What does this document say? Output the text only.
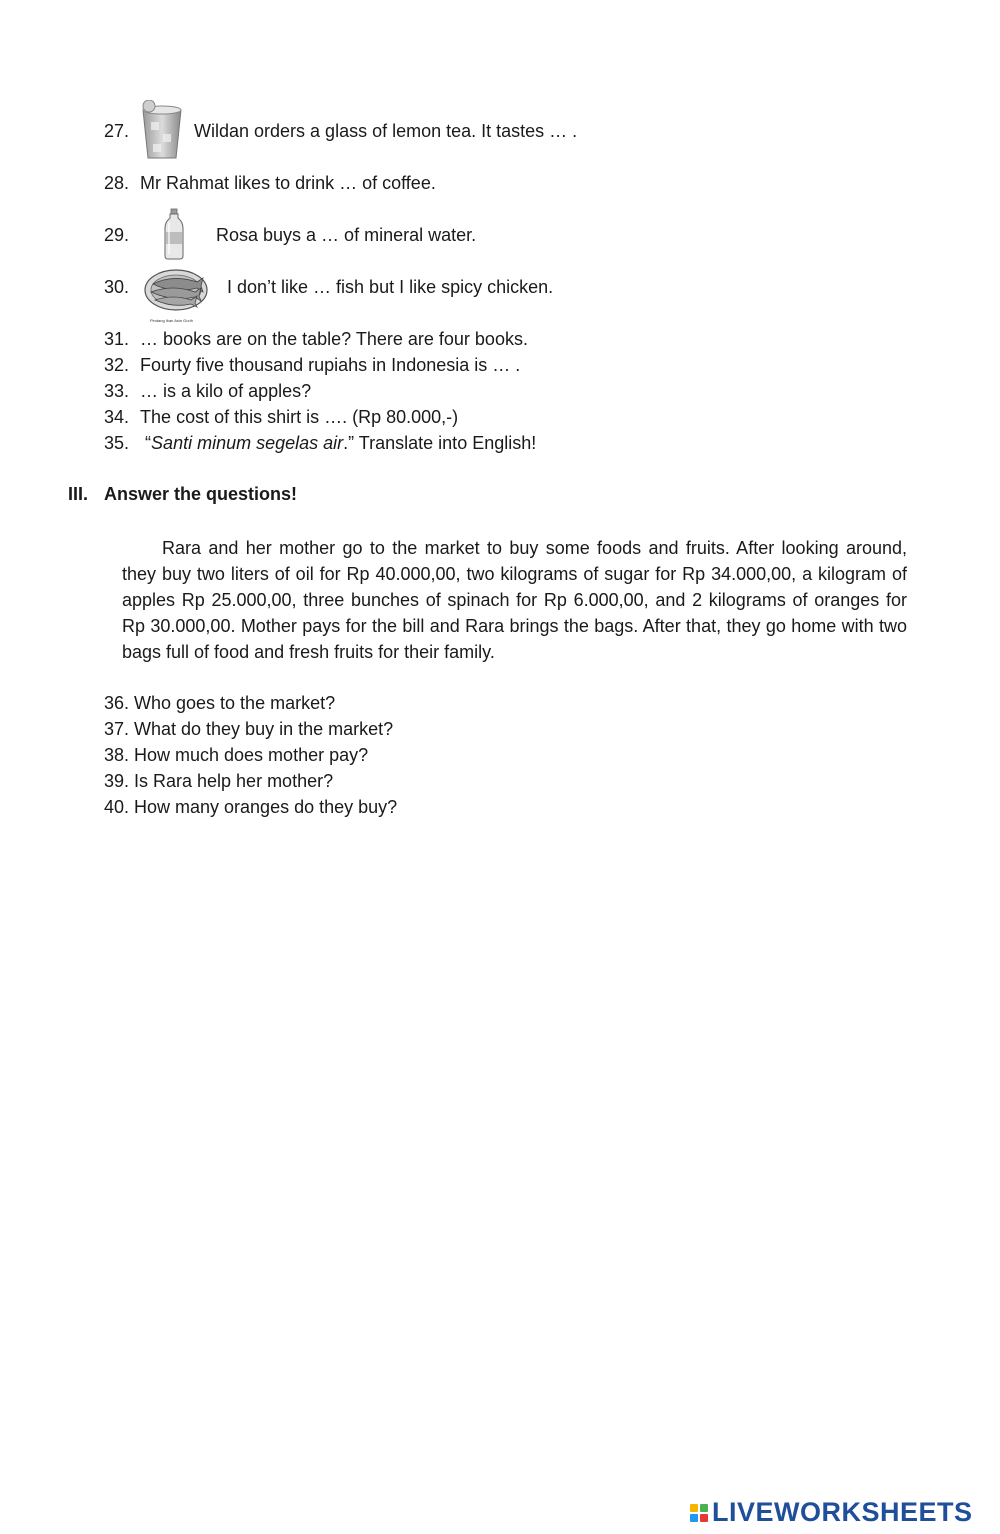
27.	Wildan orders a glass of lemon tea. It tastes … .
28. Mr Rahmat likes to drink … of coffee.
29.	Rosa buys a … of mineral water.
30.
Pindang Ikan Asin Gurih
I don’t like … fish but I like spicy chicken.
31. … books are on the table? There are four books.
32. Fourty five thousand rupiahs in Indonesia is … .
33. … is a kilo of apples?
34. The cost of this shirt is …. (Rp 80.000,-)
35. “Santi minum segelas air.” Translate into English!
III. Answer the questions!
Rara and her mother go to the market to buy some foods and fruits. After looking around, they buy two liters of oil for Rp 40.000,00, two kilograms of sugar for Rp 34.000,00, a kilogram of apples Rp 25.000,00, three bunches of spinach for Rp 6.000,00, and 2 kilograms of oranges for Rp 30.000,00. Mother pays for the bill and Rara brings the bags. After that, they go home with two bags full of food and fresh fruits for their family.
36. Who goes to the market?
37. What do they buy in the market?
38. How much does mother pay?
39. Is Rara help her mother?
40. How many oranges do they buy?
LIVEWORKSHEETS
